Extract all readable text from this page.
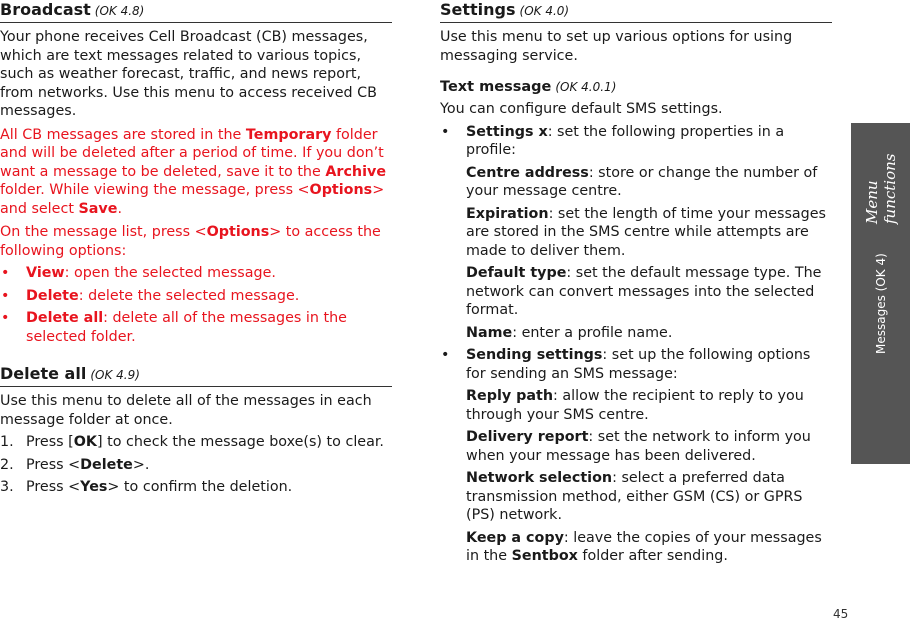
Broadcast (OK 4.8)

Your phone receives Cell Broadcast (CB) messages, which are text messages related to various topics, such as weather forecast, traffic, and news report, from networks. Use this menu to access received CB messages.

All CB messages are stored in the Temporary folder and will be deleted after a period of time. If you don’t want a message to be deleted, save it to the Archive folder. While viewing the message, press <Options> and select Save.

On the message list, press <Options> to access the following options:

• View: open the selected message.
• Delete: delete the selected message.
• Delete all: delete all of the messages in the selected folder.
Delete all (OK 4.9)

Use this menu to delete all of the messages in each message folder at once.

1. Press [OK] to check the message boxe(s) to clear.
2. Press <Delete>.
3. Press <Yes> to confirm the deletion.
Settings (OK 4.0)

Use this menu to set up various options for using messaging service.

Text message (OK 4.0.1)

You can configure default SMS settings.

• Settings x: set the following properties in a profile:
Centre address: store or change the number of your message centre.
Expiration: set the length of time your messages are stored in the SMS centre while attempts are made to deliver them.
Default type: set the default message type. The network can convert messages into the selected format.
Name: enter a profile name.
• Sending settings: set up the following options for sending an SMS message:
Reply path: allow the recipient to reply to you through your SMS centre.
Delivery report: set the network to inform you when your message has been delivered.
Network selection: select a preferred data transmission method, either GSM (CS) or GPRS (PS) network.
Keep a copy: leave the copies of your messages in the Sentbox folder after sending.
Menu functions
Messages (OK 4)
45
